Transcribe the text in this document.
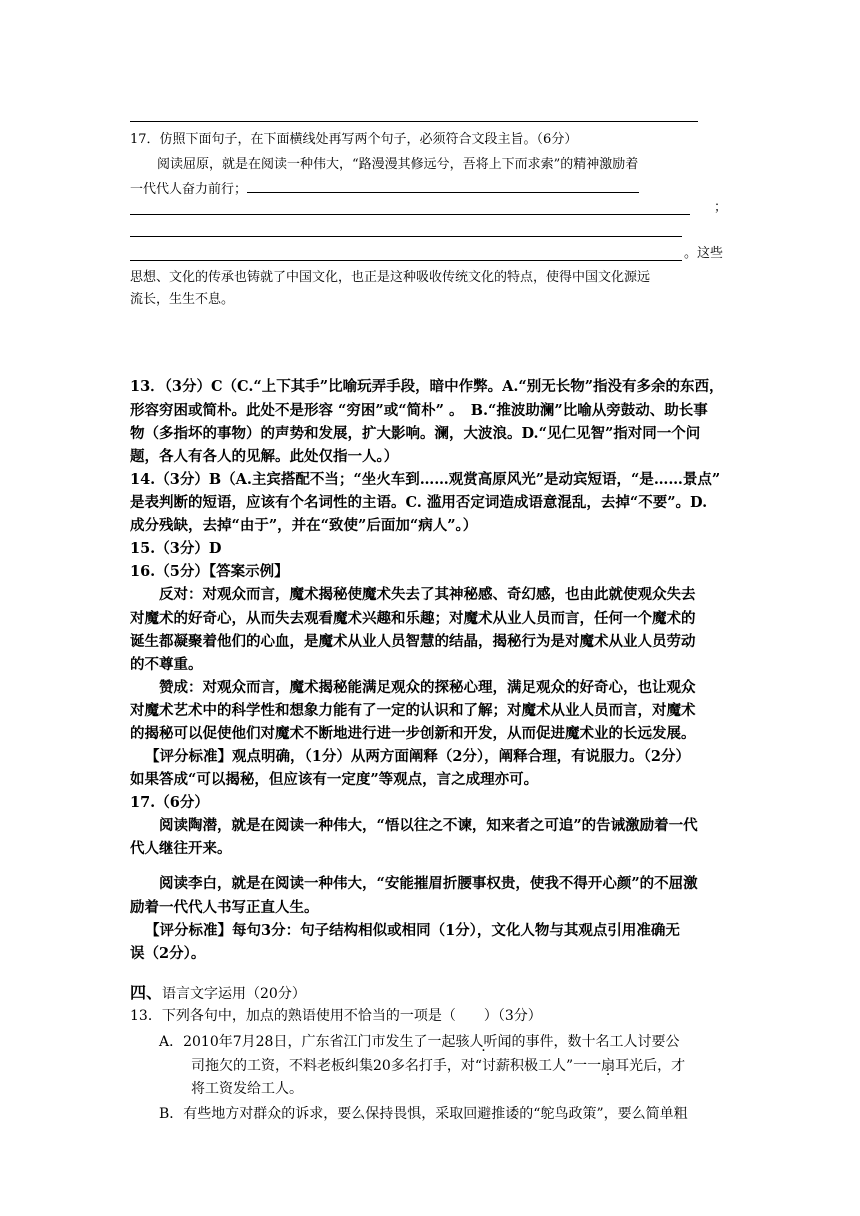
17．仿照下面句子，在下面横线处再写两个句子，必须符合文段主旨。（6分）
阅读屈原，就是在阅读一种伟大，“路漫漫其修远兮，吾将上下而求索”的精神激励着
一代代人奋力前行；
；
。这些
思想、文化的传承也铸就了中国文化，也正是这种吸收传统文化的特点，使得中国文化源远
流长，生生不息。
13．（3分）C（C.“上下其手”比喻玩弄手段，暗中作弊。A.“别无长物”指没有多余的东西，
形容穷困或简朴。此处不是形容 “穷困”或“简朴” 。　B.“推波助澜”比喻从旁鼓动、助长事
物（多指坏的事物）的声势和发展，扩大影响。澜，大波浪。D.“见仁见智”指对同一个问
题，各人有各人的见解。此处仅指一人。）
14.（3分）B（A.主宾搭配不当；“坐火车到……观赏高原风光”是动宾短语，“是……景点”
是表判断的短语，应该有个名词性的主语。C. 滥用否定词造成语意混乱，去掉“不要”。D.
成分残缺，去掉“由于”，并在“致使”后面加“病人”。）
15.（3分）D
16.（5分）【答案示例】
反对：对观众而言，魔术揭秘使魔术失去了其神秘感、奇幻感，也由此就使观众失去
对魔术的好奇心，从而失去观看魔术兴趣和乐趣；对魔术从业人员而言，任何一个魔术的
诞生都凝聚着他们的心血，是魔术从业人员智慧的结晶，揭秘行为是对魔术从业人员劳动
的不尊重。
赞成：对观众而言，魔术揭秘能满足观众的探秘心理，满足观众的好奇心，也让观众
对魔术艺术中的科学性和想象力能有了一定的认识和了解；对魔术从业人员而言，对魔术
的揭秘可以促使他们对魔术不断地进行进一步创新和开发，从而促进魔术业的长远发展。
【评分标准】观点明确，（1分）从两方面阐释（2分），阐释合理，有说服力。（2分）
如果答成“可以揭秘，但应该有一定度”等观点，言之成理亦可。
17.（6分）
阅读陶潜，就是在阅读一种伟大，“悟以往之不谏，知来者之可追”的告诫激励着一代
代人继往开来。
阅读李白，就是在阅读一种伟大，“安能摧眉折腰事权贵，使我不得开心颜”的不屈激
励着一代代人书写正直人生。
【评分标准】每句3分：句子结构相似或相同（1分），文化人物与其观点引用准确无
误（2分）。
四、语言文字运用（20分）
13．下列各句中，加点的熟语使用不恰当的一项是（　　）（3分）
A．2010年7月28日，广东省江门市发生了一起骇人听闻的事件，数十名工人讨要公
司拖欠的工资，不料老板纠集20多名打手，对“讨薪积极工人”一一扇耳光 ·后，才
将工资发给工人。
B．有些地方对群众的诉求，要么保持畏惧，采取回避推诿的“鸵鸟政策”，要么简单粗
